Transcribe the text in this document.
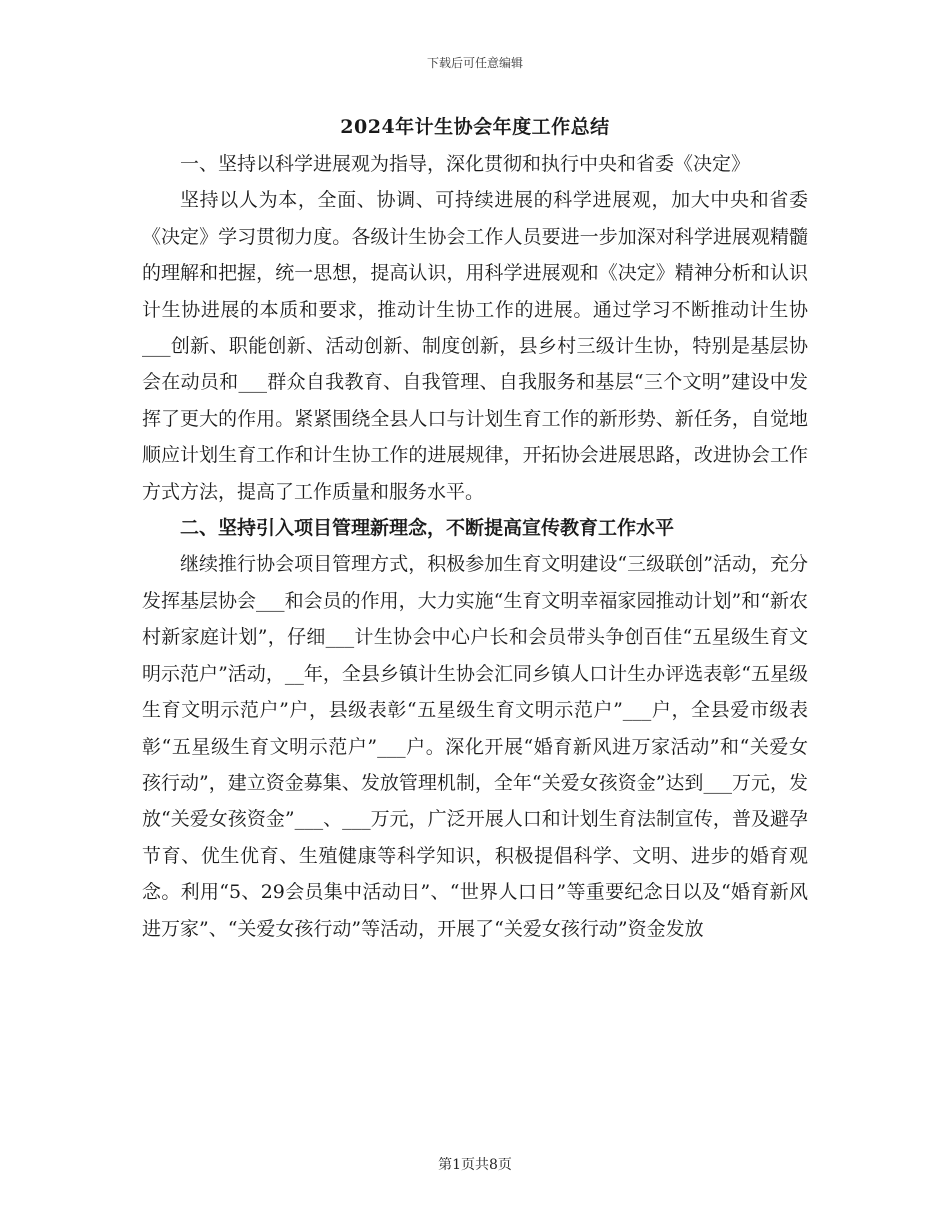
下载后可任意编辑
2024年计生协会年度工作总结

一、坚持以科学进展观为指导，深化贯彻和执行中央和省委《决定》

坚持以人为本，全面、协调、可持续进展的科学进展观，加大中央和省委《决定》学习贯彻力度。各级计生协会工作人员要进一步加深对科学进展观精髓的理解和把握，统一思想，提高认识，用科学进展观和《决定》精神分析和认识计生协进展的本质和要求，推动计生协工作的进展。通过学习不断推动计生协___创新、职能创新、活动创新、制度创新，县乡村三级计生协，特别是基层协会在动员和___群众自我教育、自我管理、自我服务和基层“三个文明”建设中发挥了更大的作用。紧紧围绕全县人口与计划生育工作的新形势、新任务，自觉地顺应计划生育工作和计生协工作的进展规律，开拓协会进展思路，改进协会工作方式方法，提高了工作质量和服务水平。

二、坚持引入项目管理新理念，不断提高宣传教育工作水平

继续推行协会项目管理方式，积极参加生育文明建设“三级联创”活动，充分发挥基层协会___和会员的作用，大力实施“生育文明幸福家园推动计划”和“新农村新家庭计划”，仔细___计生协会中心户长和会员带头争创百佳“五星级生育文明示范户”活动，__年，全县乡镇计生协会汇同乡镇人口计生办评选表彰“五星级生育文明示范户”户，县级表彰“五星级生育文明示范户”___户，全县爱市级表彰“五星级生育文明示范户”___户。深化开展“婚育新风进万家活动”和“关爱女孩行动”，建立资金募集、发放管理机制，全年“关爱女孩资金”达到___万元，发放“关爱女孩资金”___、___万元，广泛开展人口和计划生育法制宣传，普及避孕节育、优生优育、生殖健康等科学知识，积极提倡科学、文明、进步的婚育观念。利用“5、29会员集中活动日”、“世界人口日”等重要纪念日以及“婚育新风进万家”、“关爱女孩行动”等活动，开展了“关爱女孩行动”资金发放

第1页共8页
